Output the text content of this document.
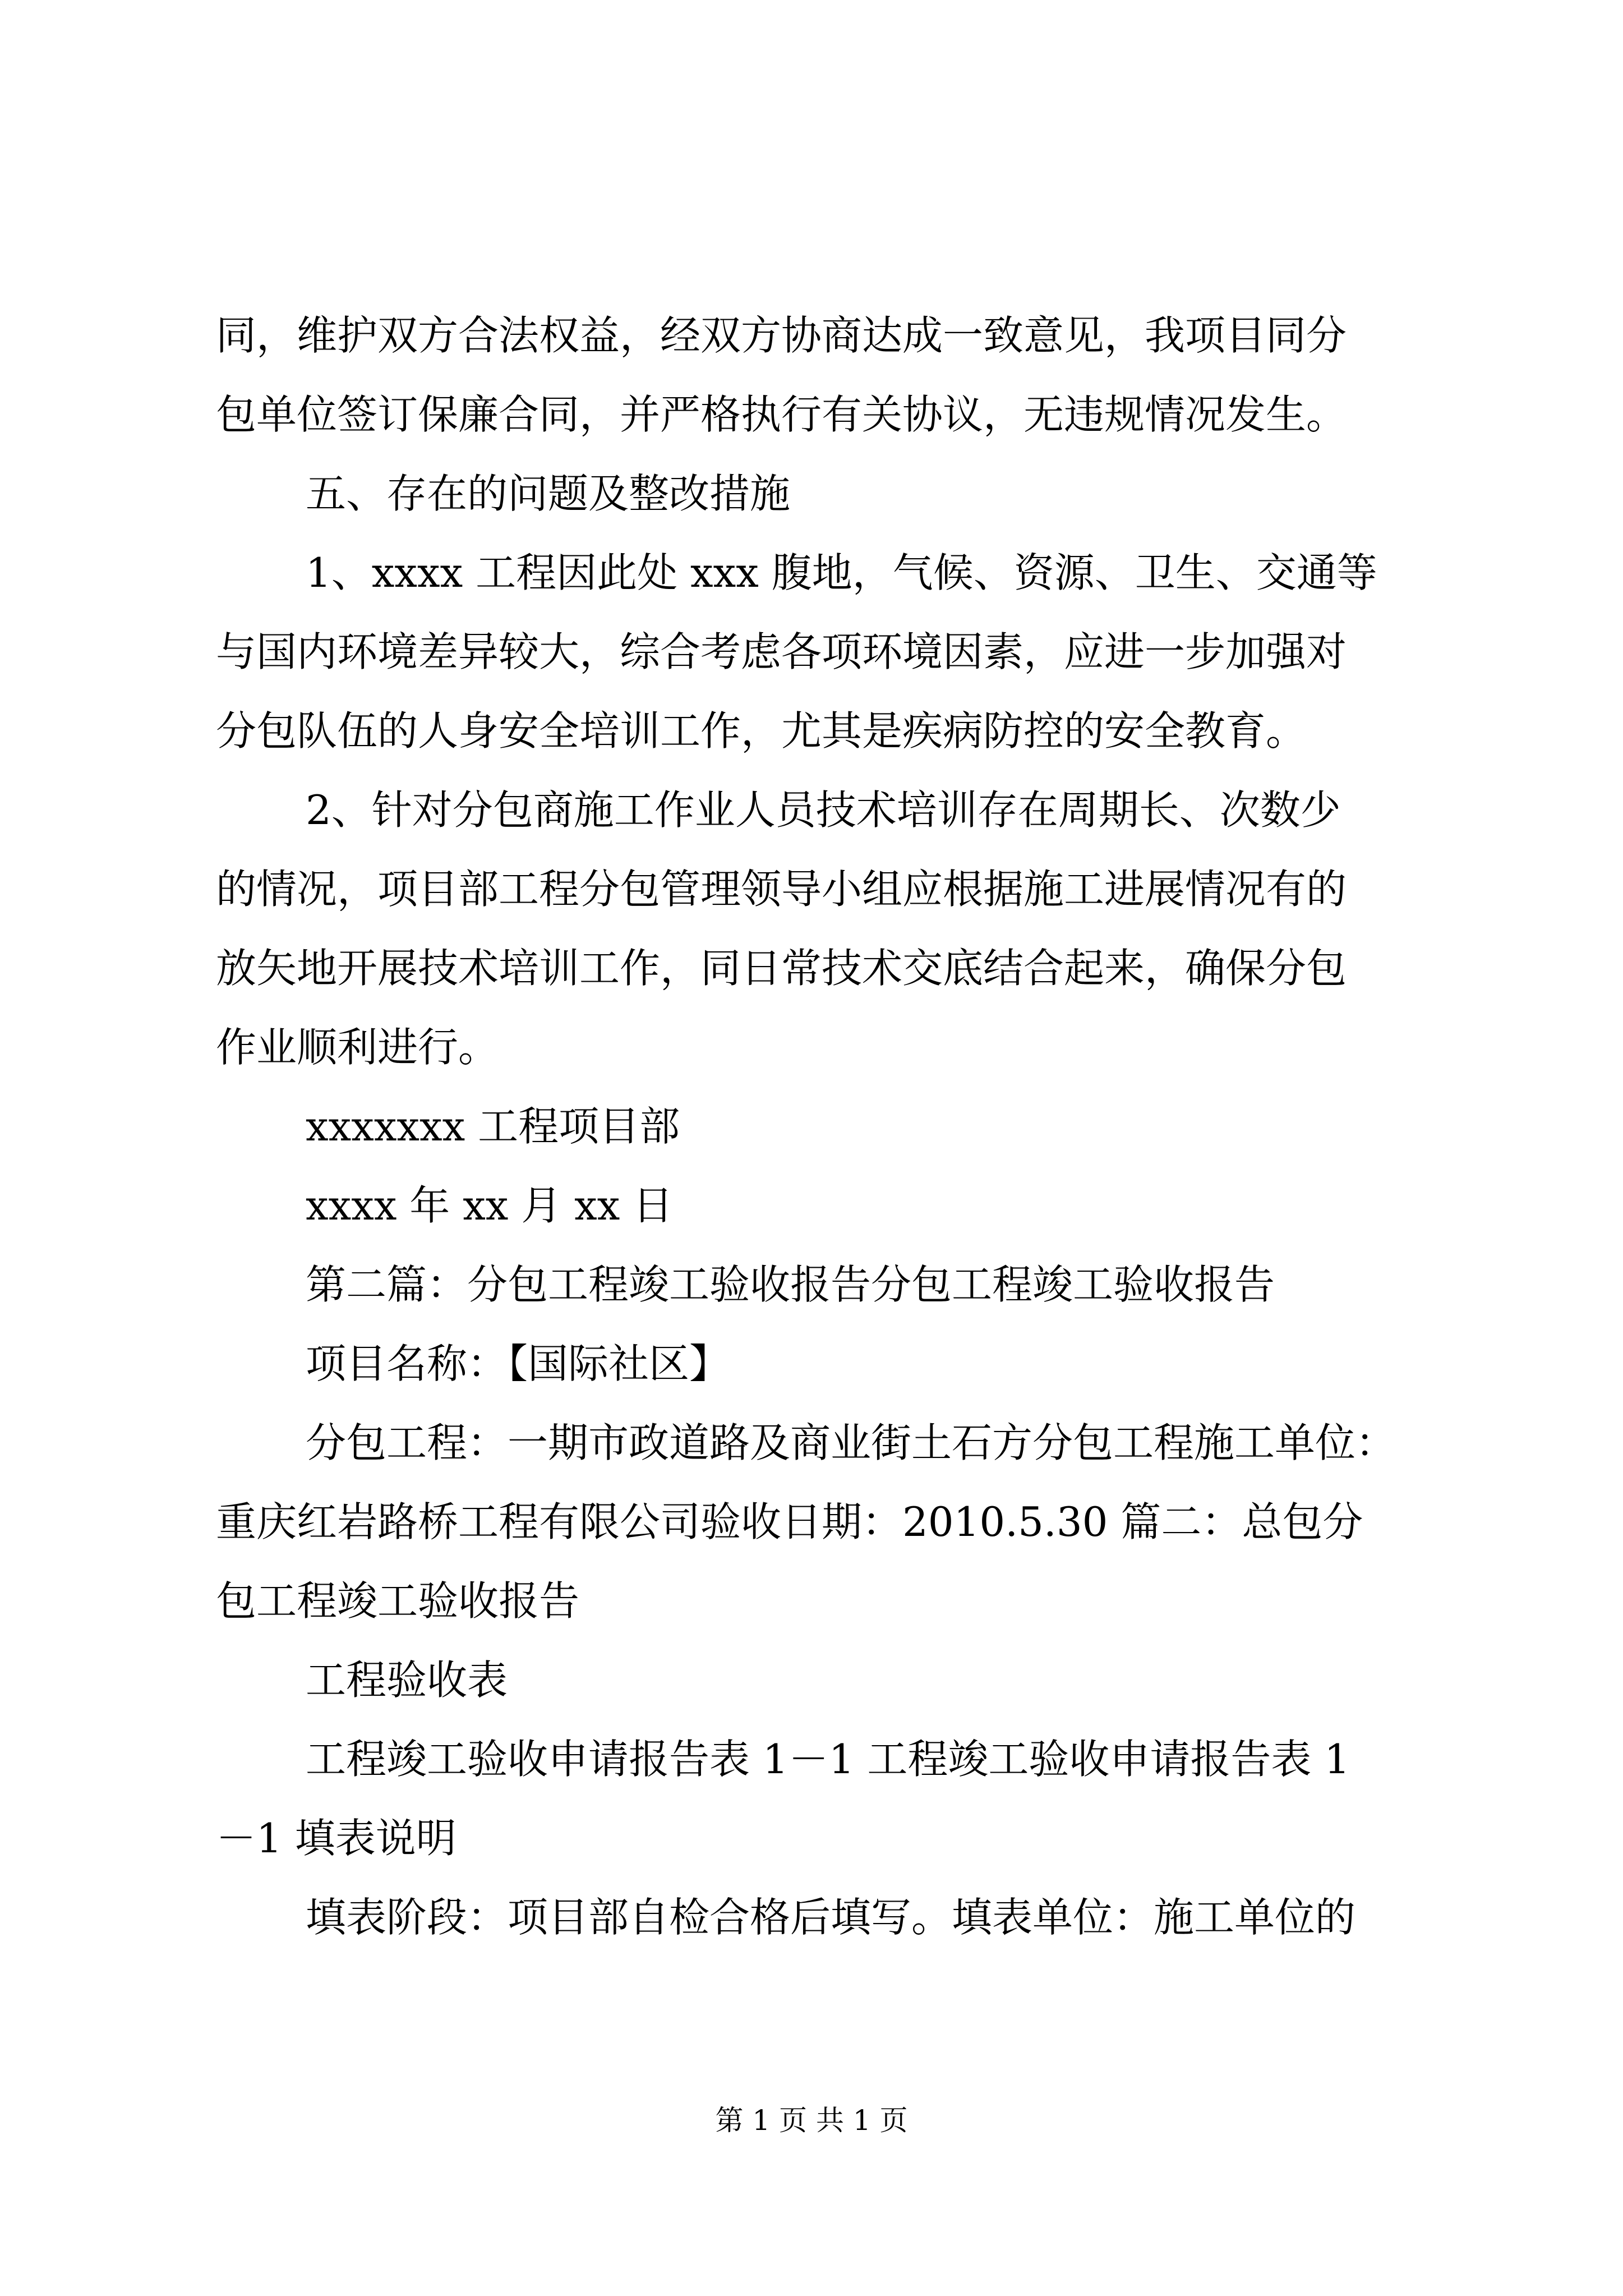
同，维护双方合法权益，经双方协商达成一致意见，我项目同分
包单位签订保廉合同，并严格执行有关协议，无违规情况发生。
五、存在的问题及整改措施
1、xxxx 工程因此处 xxx 腹地，气候、资源、卫生、交通等
与国内环境差异较大，综合考虑各项环境因素，应进一步加强对
分包队伍的人身安全培训工作，尤其是疾病防控的安全教育。
2、针对分包商施工作业人员技术培训存在周期长、次数少
的情况，项目部工程分包管理领导小组应根据施工进展情况有的
放矢地开展技术培训工作，同日常技术交底结合起来，确保分包
作业顺利进行。
xxxxxxx 工程项目部
xxxx 年 xx 月 xx 日
第二篇：分包工程竣工验收报告分包工程竣工验收报告
项目名称：【国际社区】
分包工程：一期市政道路及商业街土石方分包工程施工单位：
重庆红岩路桥工程有限公司验收日期：2010.5.30 篇二：总包分
包工程竣工验收报告
工程验收表
工程竣工验收申请报告表 1－1 工程竣工验收申请报告表 1
－1 填表说明
填表阶段：项目部自检合格后填写。填表单位：施工单位的
第 1 页 共 1 页
